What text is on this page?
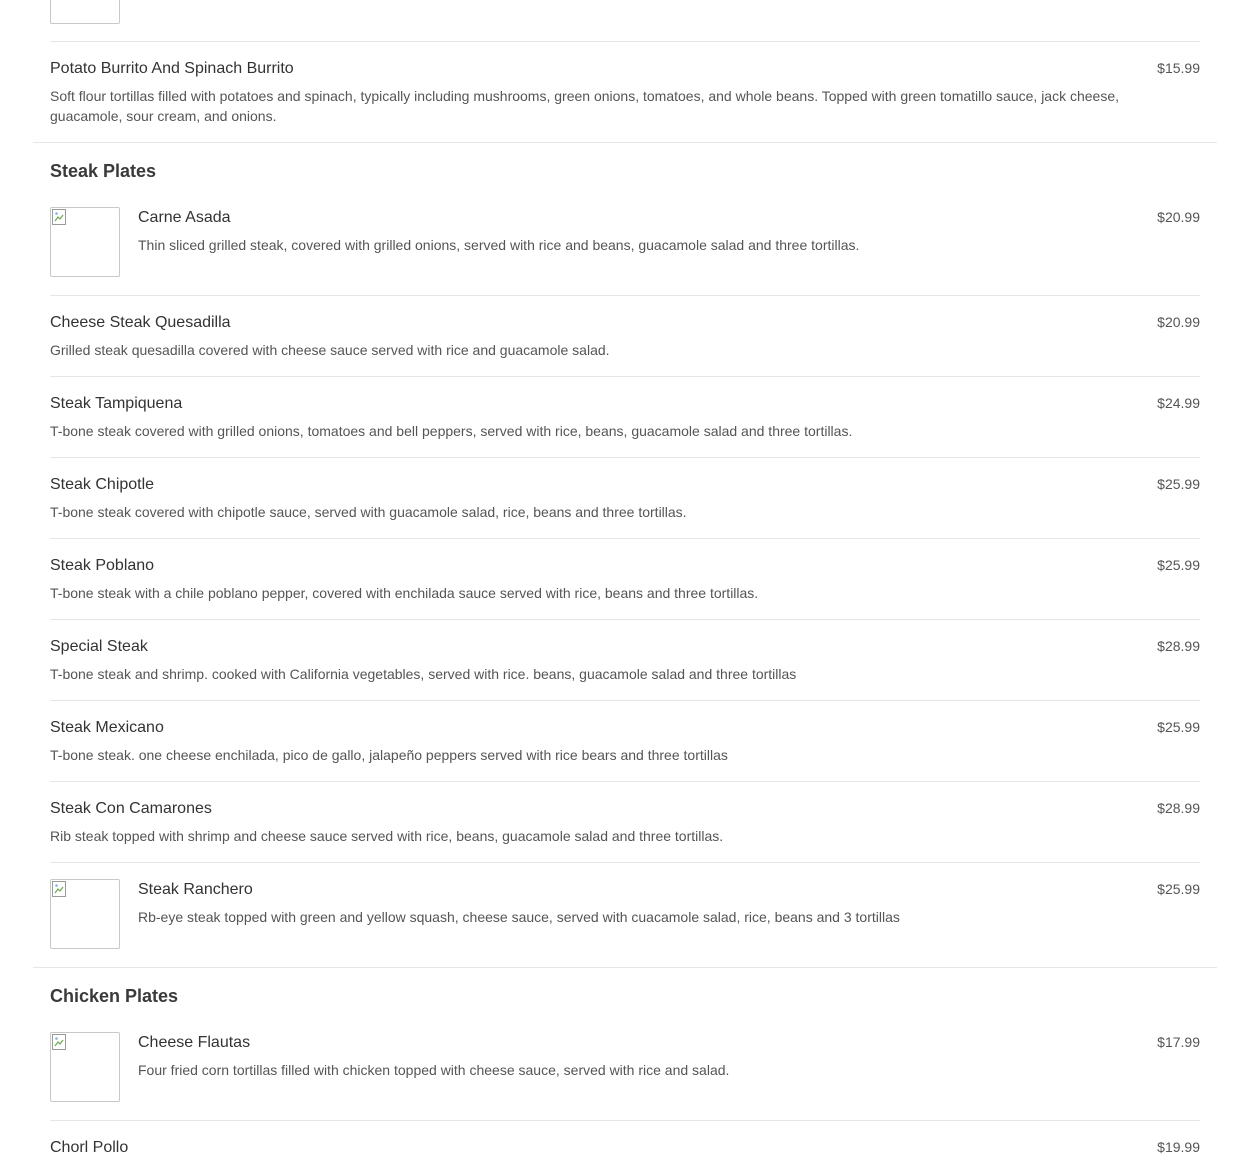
Potato Burrito And Spinach Burrito	$15.99
Soft flour tortillas filled with potatoes and spinach, typically including mushrooms, green onions, tomatoes, and whole beans. Topped with green tomatillo sauce, jack cheese, guacamole, sour cream, and onions.
Steak Plates
Carne Asada	$20.99
Thin sliced grilled steak, covered with grilled onions, served with rice and beans, guacamole salad and three tortillas.
Cheese Steak Quesadilla	$20.99
Grilled steak quesadilla covered with cheese sauce served with rice and guacamole salad.
Steak Tampiquena	$24.99
T-bone steak covered with grilled onions, tomatoes and bell peppers, served with rice, beans, guacamole salad and three tortillas.
Steak Chipotle	$25.99
T-bone steak covered with chipotle sauce, served with guacamole salad, rice, beans and three tortillas.
Steak Poblano	$25.99
T-bone steak with a chile poblano pepper, covered with enchilada sauce served with rice, beans and three tortillas.
Special Steak	$28.99
T-bone steak and shrimp. cooked with California vegetables, served with rice. beans, guacamole salad and three tortillas
Steak Mexicano	$25.99
T-bone steak. one cheese enchilada, pico de gallo, jalapeño peppers served with rice bears and three tortillas
Steak Con Camarones	$28.99
Rib steak topped with shrimp and cheese sauce served with rice, beans, guacamole salad and three tortillas.
Steak Ranchero	$25.99
Rb-eye steak topped with green and yellow squash, cheese sauce, served with cuacamole salad, rice, beans and 3 tortillas
Chicken Plates
Cheese Flautas	$17.99
Four fried corn tortillas filled with chicken topped with cheese sauce, served with rice and salad.
Chorl Pollo	$19.99
